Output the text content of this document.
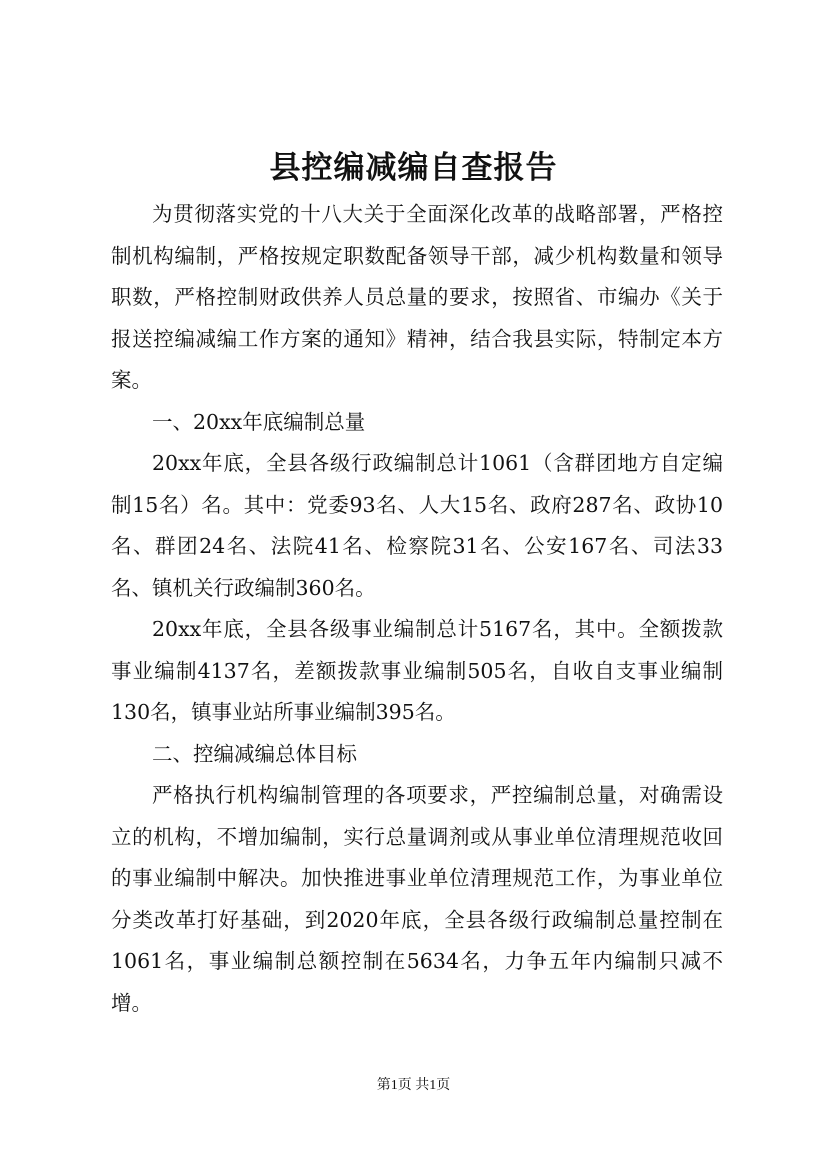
县控编减编自查报告

为贯彻落实党的十八大关于全面深化改革的战略部署，严格控制机构编制，严格按规定职数配备领导干部，减少机构数量和领导职数，严格控制财政供养人员总量的要求，按照省、市编办《关于报送控编减编工作方案的通知》精神，结合我县实际，特制定本方案。

一、20xx年底编制总量

20xx年底，全县各级行政编制总计1061（含群团地方自定编制15名）名。其中：党委93名、人大15名、政府287名、政协10名、群团24名、法院41名、检察院31名、公安167名、司法33名、镇机关行政编制360名。

20xx年底，全县各级事业编制总计5167名，其中。全额拨款事业编制4137名，差额拨款事业编制505名，自收自支事业编制130名，镇事业站所事业编制395名。

二、控编减编总体目标

严格执行机构编制管理的各项要求，严控编制总量，对确需设立的机构，不增加编制，实行总量调剂或从事业单位清理规范收回的事业编制中解决。加快推进事业单位清理规范工作，为事业单位分类改革打好基础，到2020年底，全县各级行政编制总量控制在1061名，事业编制总额控制在5634名，力争五年内编制只减不增。

第1页 共1页
